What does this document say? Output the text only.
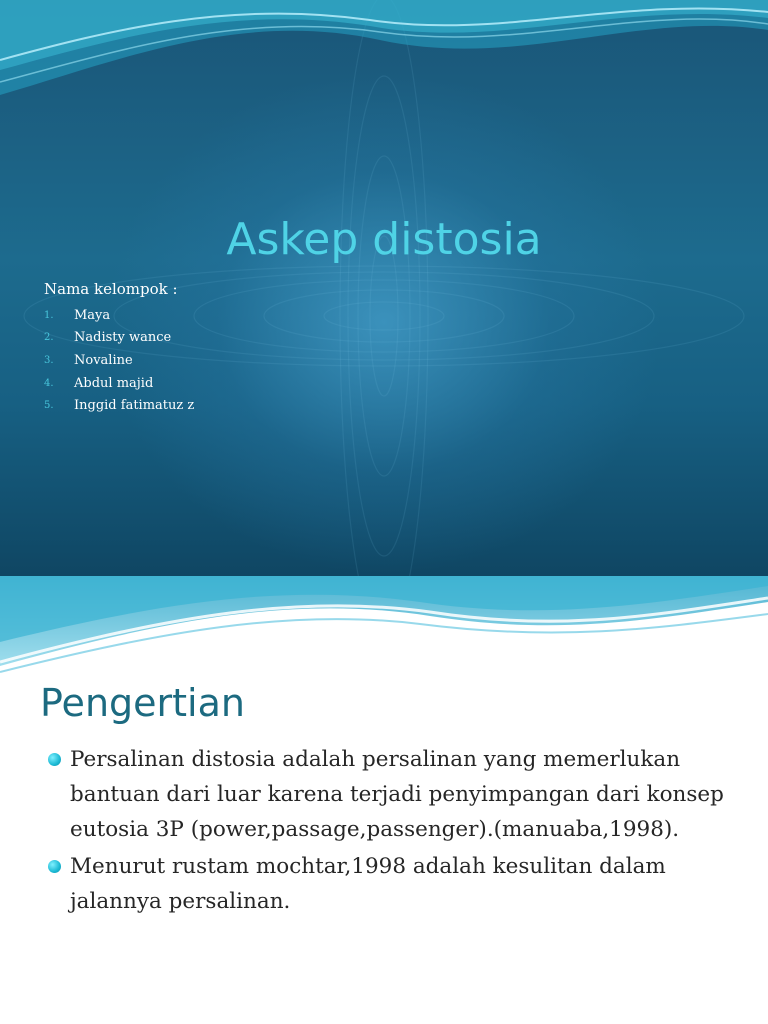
Askep distosia
Nama kelompok :
1.	Maya
2.	Nadisty wance
3.	Novaline
4.	Abdul majid
5.	Inggid fatimatuz z
Pengertian
Persalinan distosia adalah persalinan yang memerlukan bantuan dari luar karena terjadi penyimpangan dari konsep eutosia 3P (power,passage,passenger).(manuaba,1998).
Menurut rustam mochtar,1998 adalah kesulitan dalam jalannya persalinan.
